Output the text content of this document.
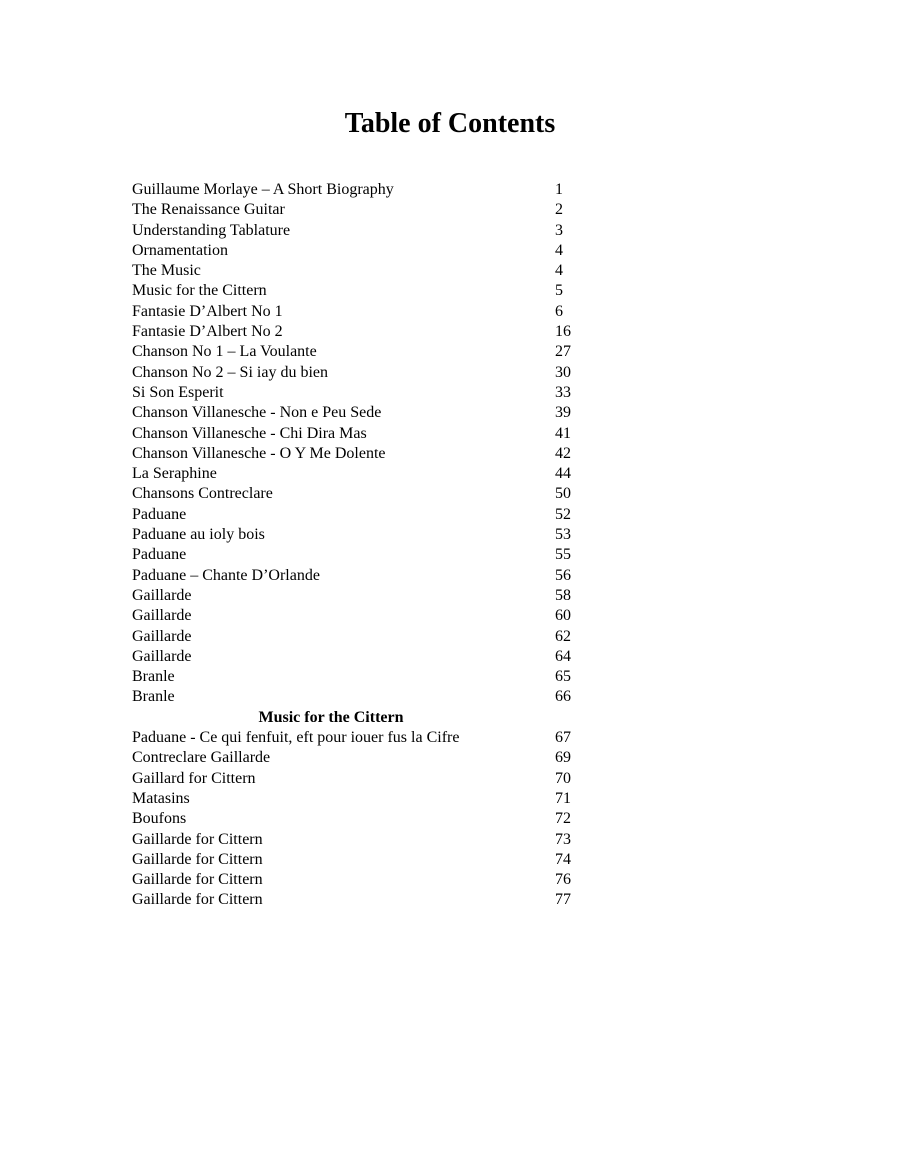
Table of Contents
Guillaume Morlaye – A Short Biography	1
The Renaissance Guitar	2
Understanding Tablature	3
Ornamentation	4
The Music	4
Music for the Cittern	5
Fantasie D’Albert No 1	6
Fantasie D’Albert No 2	16
Chanson No 1 – La Voulante	27
Chanson No 2 – Si iay du bien	30
Si Son Esperit	33
Chanson Villanesche - Non e Peu Sede	39
Chanson Villanesche - Chi Dira Mas	41
Chanson Villanesche - O Y Me Dolente	42
La Seraphine	44
Chansons Contreclare	50
Paduane	52
Paduane au ioly bois	53
Paduane	55
Paduane – Chante D’Orlande	56
Gaillarde	58
Gaillarde	60
Gaillarde	62
Gaillarde	64
Branle	65
Branle	66
Music for the Cittern
Paduane - Ce qui fenfuit, eft pour iouer fus la Cifre	67
Contreclare Gaillarde	69
Gaillard for Cittern	70
Matasins	71
Boufons	72
Gaillarde for Cittern	73
Gaillarde for Cittern	74
Gaillarde for Cittern	76
Gaillarde for Cittern	77
